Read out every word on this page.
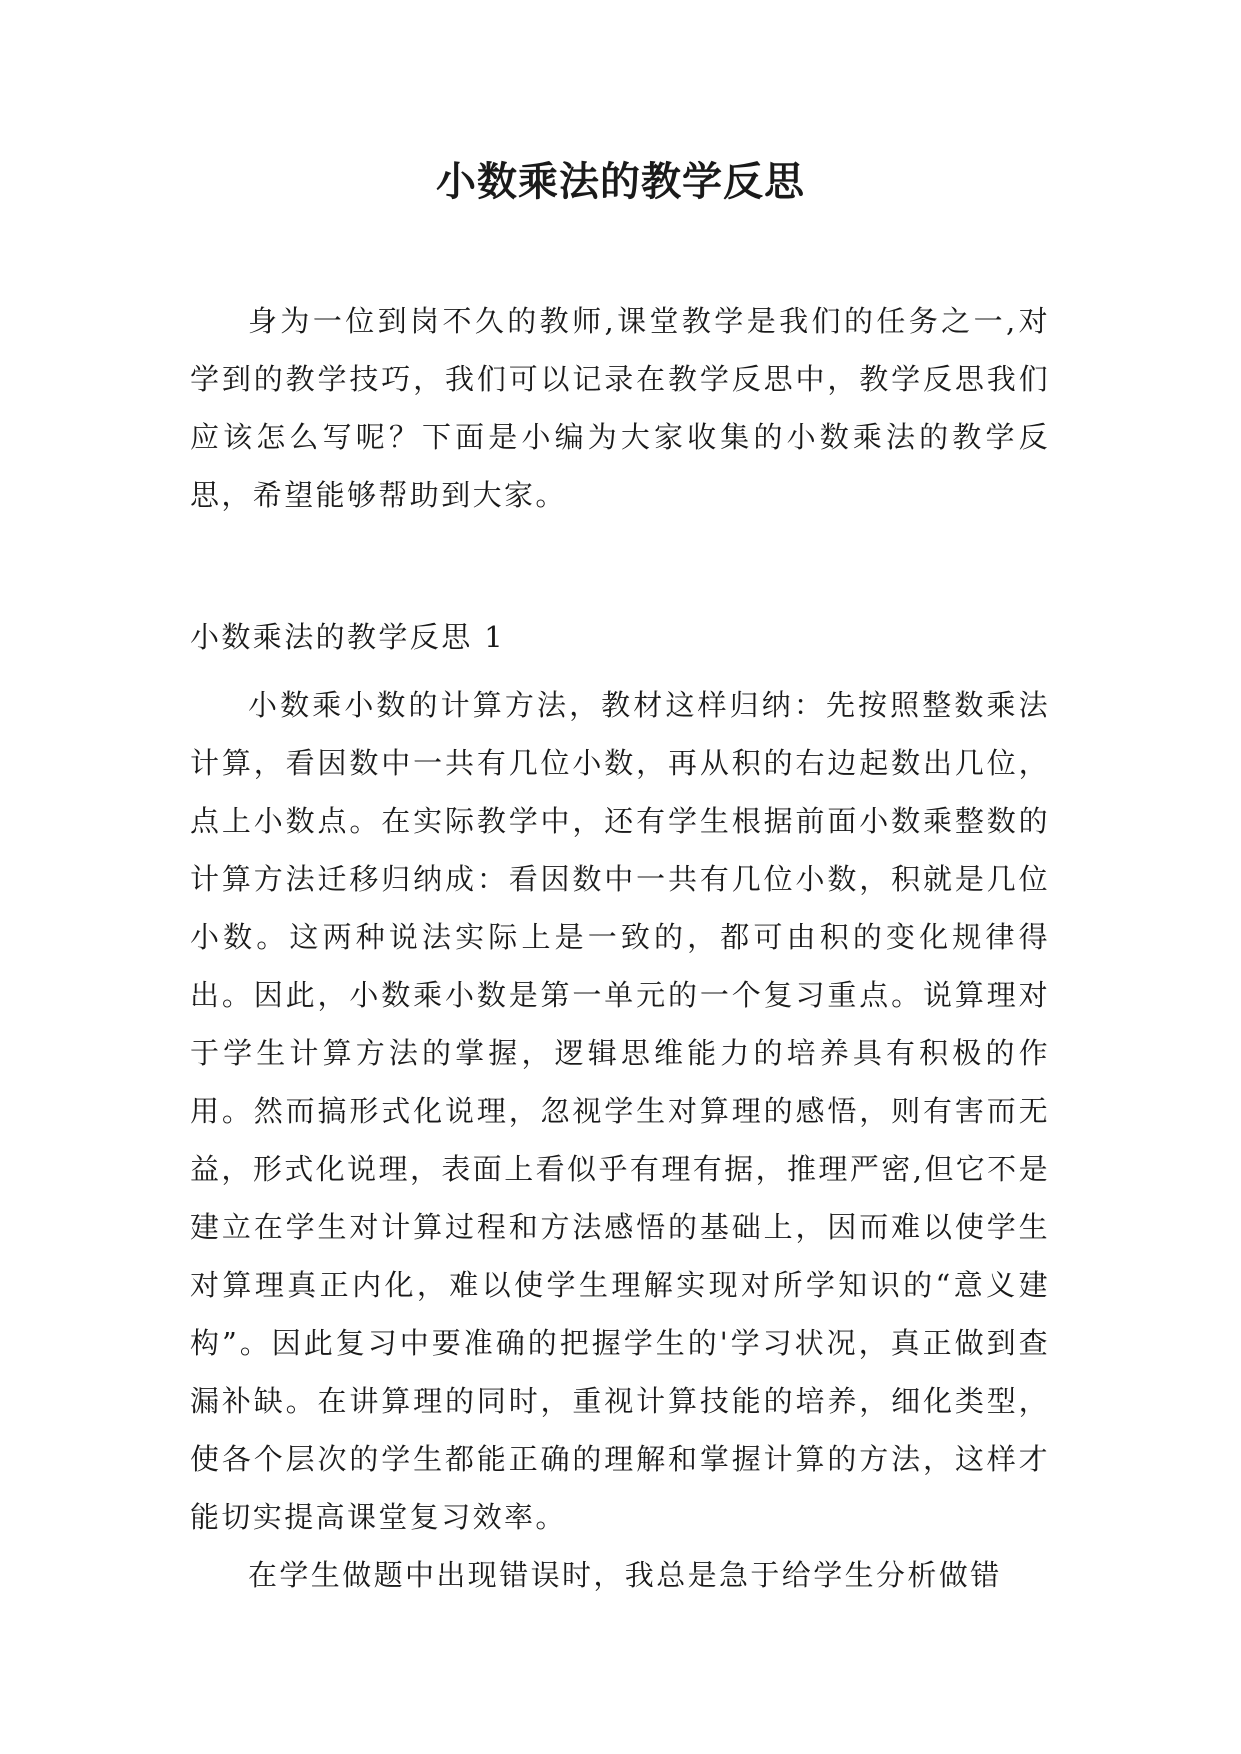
小数乘法的教学反思

身为一位到岗不久的教师,课堂教学是我们的任务之一,对学到的教学技巧，我们可以记录在教学反思中，教学反思我们应该怎么写呢？下面是小编为大家收集的小数乘法的教学反思，希望能够帮助到大家。

小数乘法的教学反思 1

小数乘小数的计算方法，教材这样归纳：先按照整数乘法计算，看因数中一共有几位小数，再从积的右边起数出几位，点上小数点。在实际教学中，还有学生根据前面小数乘整数的计算方法迁移归纳成：看因数中一共有几位小数，积就是几位小数。这两种说法实际上是一致的，都可由积的变化规律得出。因此，小数乘小数是第一单元的一个复习重点。说算理对于学生计算方法的掌握，逻辑思维能力的培养具有积极的作用。然而搞形式化说理，忽视学生对算理的感悟，则有害而无益，形式化说理，表面上看似乎有理有据，推理严密,但它不是建立在学生对计算过程和方法感悟的基础上，因而难以使学生对算理真正内化，难以使学生理解实现对所学知识的“意义建构”。因此复习中要准确的把握学生的'学习状况，真正做到查漏补缺。在讲算理的同时，重视计算技能的培养，细化类型，使各个层次的学生都能正确的理解和掌握计算的方法，这样才能切实提高课堂复习效率。

在学生做题中出现错误时，我总是急于给学生分析做错
